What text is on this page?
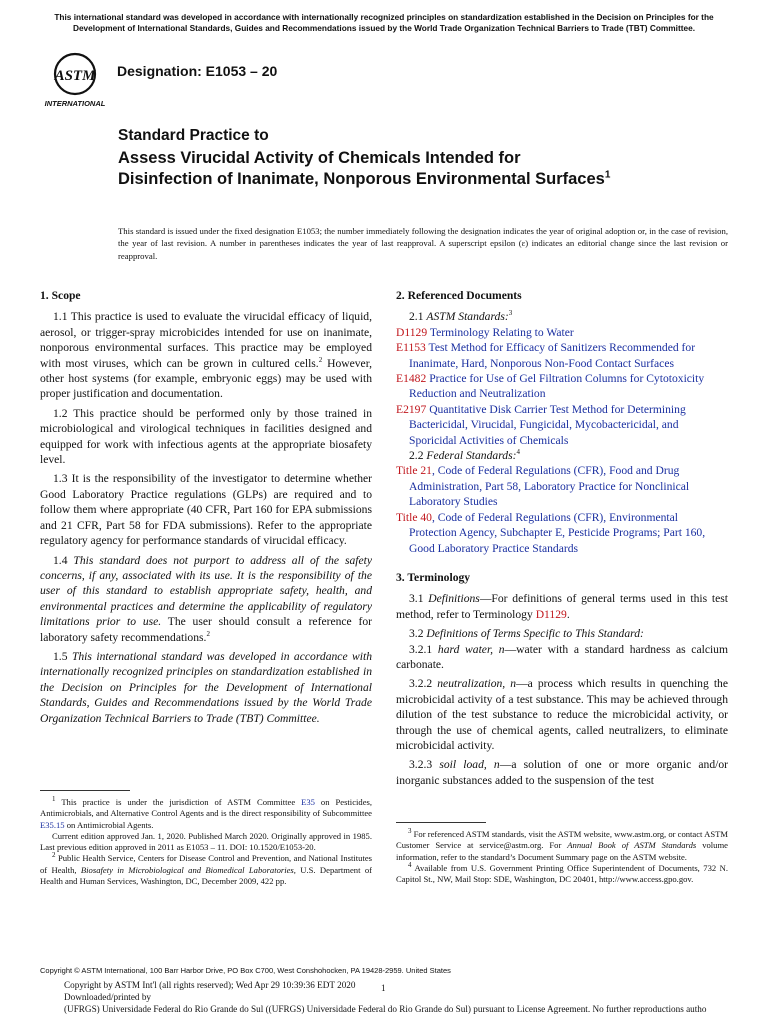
This international standard was developed in accordance with internationally recognized principles on standardization established in the Decision on Principles for the Development of International Standards, Guides and Recommendations issued by the World Trade Organization Technical Barriers to Trade (TBT) Committee.
ASTM
INTERNATIONAL
Designation: E1053 – 20
Standard Practice to
Assess Virucidal Activity of Chemicals Intended for Disinfection of Inanimate, Nonporous Environmental Surfaces$^1$
This standard is issued under the fixed designation E1053; the number immediately following the designation indicates the year of original adoption or, in the case of revision, the year of last revision. A number in parentheses indicates the year of last reapproval. A superscript epsilon (ε) indicates an editorial change since the last revision or reapproval.
1. Scope

1.1 This practice is used to evaluate the virucidal efficacy of liquid, aerosol, or trigger-spray microbicides intended for use on inanimate, nonporous environmental surfaces. This practice may be employed with most viruses, which can be grown in cultured cells.$^2$ However, other host systems (for example, embryonic eggs) may be used with proper justification and documentation.

1.2 This practice should be performed only by those trained in microbiological and virological techniques in facilities designed and equipped for work with infectious agents at the appropriate biosafety level.

1.3 It is the responsibility of the investigator to determine whether Good Laboratory Practice regulations (GLPs) are required and to follow them where appropriate (40 CFR, Part 160 for EPA submissions and 21 CFR, Part 58 for FDA submissions). Refer to the appropriate regulatory agency for performance standards of virucidal efficacy.

1.4 This standard does not purport to address all of the safety concerns, if any, associated with its use. It is the responsibility of the user of this standard to establish appropriate safety, health, and environmental practices and determine the applicability of regulatory limitations prior to use. The user should consult a reference for laboratory safety recommendations.$^2$

1.5 This international standard was developed in accordance with internationally recognized principles on standardization established in the Decision on Principles for the Development of International Standards, Guides and Recommendations issued by the World Trade Organization Technical Barriers to Trade (TBT) Committee.

$^1$ This practice is under the jurisdiction of ASTM Committee E35 on Pesticides, Antimicrobials, and Alternative Control Agents and is the direct responsibility of Subcommittee E35.15 on Antimicrobial Agents.

Current edition approved Jan. 1, 2020. Published March 2020. Originally approved in 1985. Last previous edition approved in 2011 as E1053 – 11. DOI: 10.1520/E1053-20.

$^2$ Public Health Service, Centers for Disease Control and Prevention, and National Institutes of Health, Biosafety in Microbiological and Biomedical Laboratories, U.S. Department of Health and Human Services, Washington, DC, December 2009, 422 pp.

2. Referenced Documents

2.1 ASTM Standards:$^3$

D1129 Terminology Relating to Water

E1153 Test Method for Efficacy of Sanitizers Recommended for Inanimate, Hard, Nonporous Non-Food Contact Surfaces

E1482 Practice for Use of Gel Filtration Columns for Cytotoxicity Reduction and Neutralization

E2197 Quantitative Disk Carrier Test Method for Determining Bactericidal, Virucidal, Fungicidal, Mycobactericidal, and Sporicidal Activities of Chemicals

2.2 Federal Standards:$^4$

Title 21, Code of Federal Regulations (CFR), Food and Drug Administration, Part 58, Laboratory Practice for Nonclinical Laboratory Studies

Title 40, Code of Federal Regulations (CFR), Environmental Protection Agency, Subchapter E, Pesticide Programs; Part 160, Good Laboratory Practice Standards

3. Terminology

3.1 Definitions—For definitions of general terms used in this test method, refer to Terminology D1129.

3.2 Definitions of Terms Specific to This Standard:

3.2.1 hard water, n—water with a standard hardness as calcium carbonate.

3.2.2 neutralization, n—a process which results in quenching the microbicidal activity of a test substance. This may be achieved through dilution of the test substance to reduce the microbicidal activity, or through the use of chemical agents, called neutralizers, to eliminate microbicidal activity.

3.2.3 soil load, n—a solution of one or more organic and/or inorganic substances added to the suspension of the test

$^3$ For referenced ASTM standards, visit the ASTM website, www.astm.org, or contact ASTM Customer Service at service@astm.org. For Annual Book of ASTM Standards volume information, refer to the standard’s Document Summary page on the ASTM website.

$^4$ Available from U.S. Government Printing Office Superintendent of Documents, 732 N. Capitol St., NW, Mail Stop: SDE, Washington, DC 20401, http://www.access.gpo.gov.

Copyright © ASTM International, 100 Barr Harbor Drive, PO Box C700, West Conshohocken, PA 19428-2959. United States
1
Copyright by ASTM Int'l (all rights reserved); Wed Apr 29 10:39:36 EDT 2020
Downloaded/printed by
(UFRGS) Universidade Federal do Rio Grande do Sul ((UFRGS) Universidade Federal do Rio Grande do Sul) pursuant to License Agreement. No further reproductions autho
